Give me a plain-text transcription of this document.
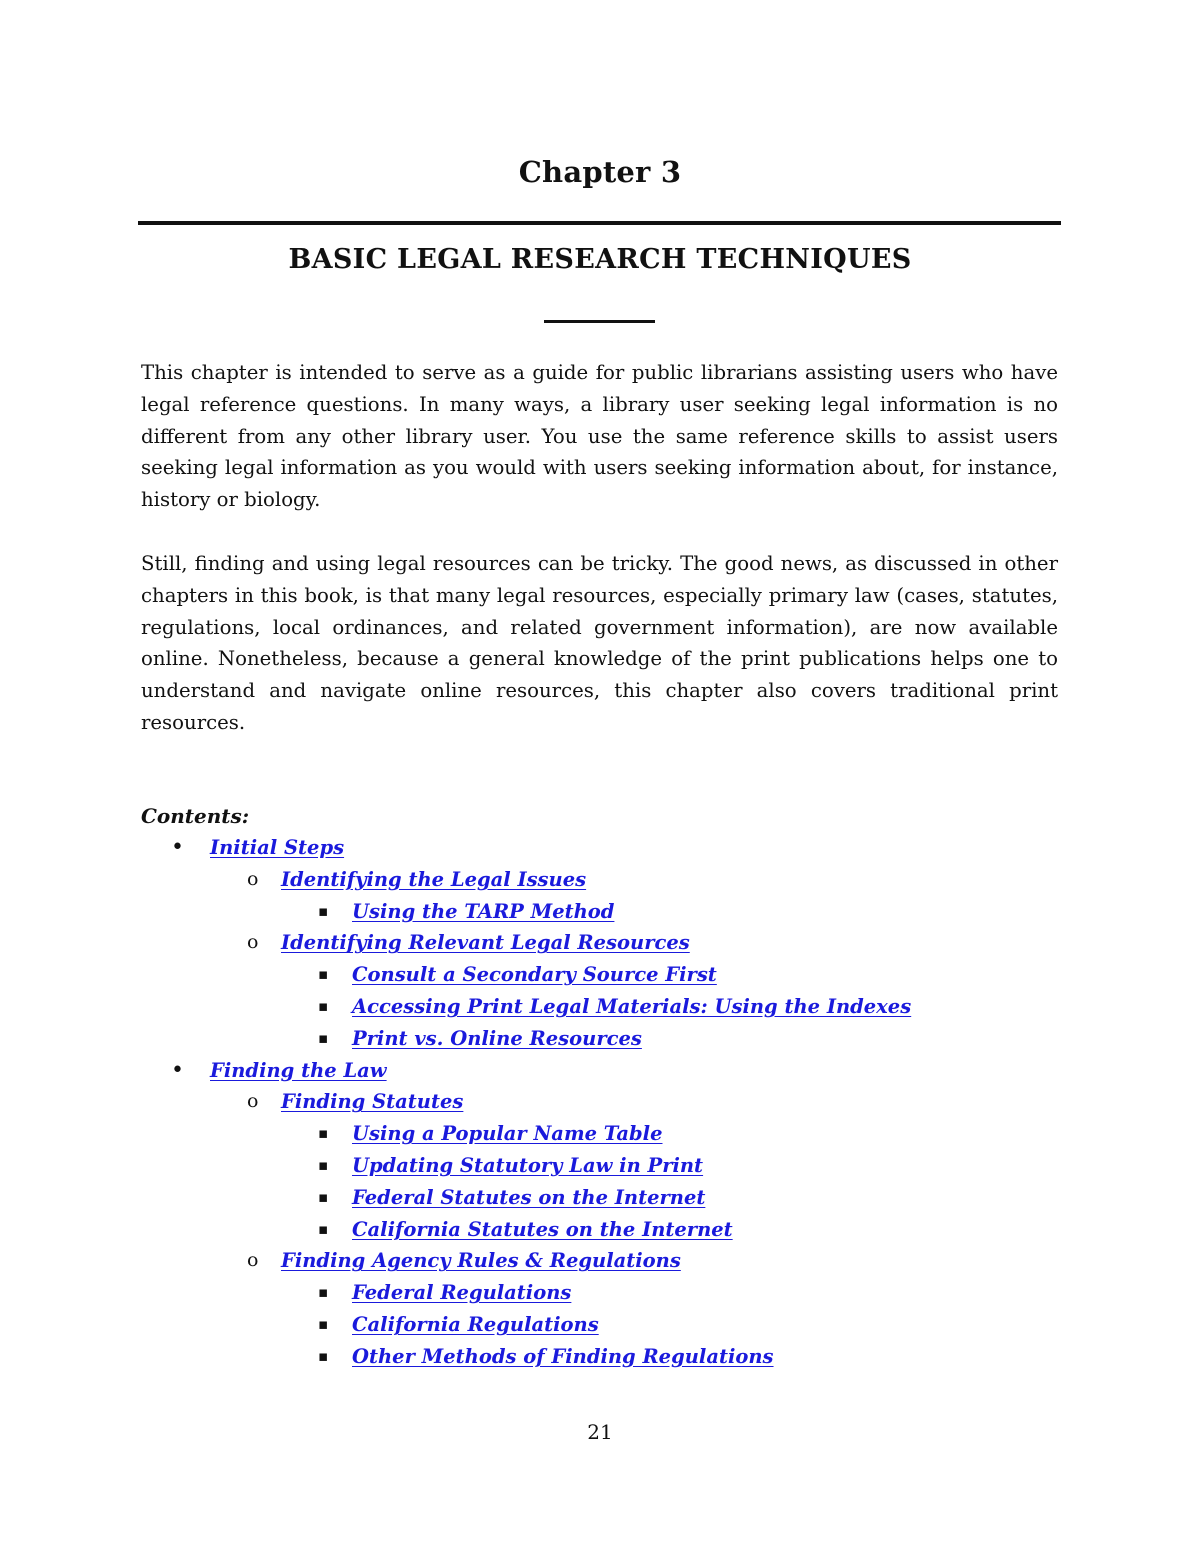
Chapter 3
BASIC LEGAL RESEARCH TECHNIQUES

This chapter is intended to serve as a guide for public librarians assisting users who have legal reference questions. In many ways, a library user seeking legal information is no different from any other library user. You use the same reference skills to assist users seeking legal information as you would with users seeking information about, for instance, history or biology.

Still, finding and using legal resources can be tricky. The good news, as discussed in other chapters in this book, is that many legal resources, especially primary law (cases, statutes, regulations, local ordinances, and related government information), are now available online. Nonetheless, because a general knowledge of the print publications helps one to understand and navigate online resources, this chapter also covers traditional print resources.

Contents:
• Initial Steps
o Identifying the Legal Issues
▪ Using the TARP Method
o Identifying Relevant Legal Resources
▪ Consult a Secondary Source First
▪ Accessing Print Legal Materials: Using the Indexes
▪ Print vs. Online Resources
• Finding the Law
o Finding Statutes
▪ Using a Popular Name Table
▪ Updating Statutory Law in Print
▪ Federal Statutes on the Internet
▪ California Statutes on the Internet
o Finding Agency Rules & Regulations
▪ Federal Regulations
▪ California Regulations
▪ Other Methods of Finding Regulations
21
